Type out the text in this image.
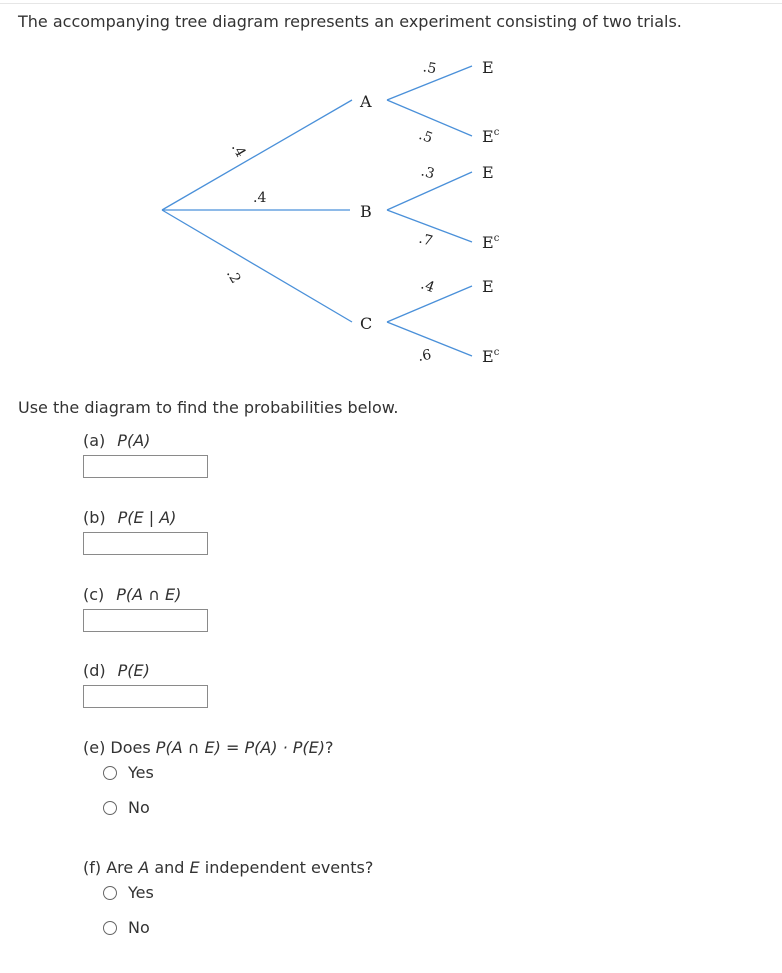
The accompanying tree diagram represents an experiment consisting of two trials.
A
B
C
.4
.4
.2
.5
.5
.3
.7
.4
.6
E
$E^c$
E
$E^c$
E
$E^c$
Use the diagram to find the probabilities below.
(a) P(A)
(b) P(E | A)
(c) P(A ∩ E)
(d) P(E)
(e) Does P(A ∩ E) = P(A) · P(E)?
Yes
No
(f) Are A and E independent events?
Yes
No
